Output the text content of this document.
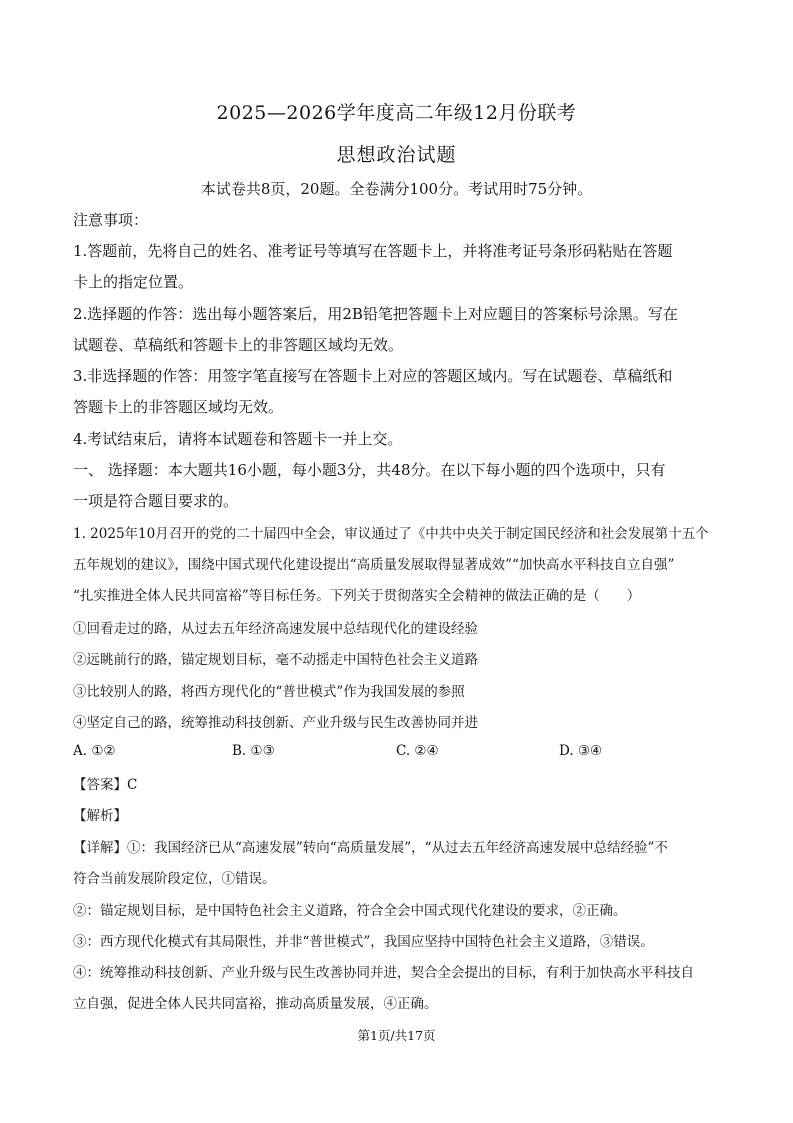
2025—2026学年度高二年级12月份联考
思想政治试题
本试卷共8页，20题。全卷满分100分。考试用时75分钟。
注意事项：
1.答题前，先将自己的姓名、准考证号等填写在答题卡上，并将准考证号条形码粘贴在答题
卡上的指定位置。
2.选择题的作答：选出每小题答案后，用2B铅笔把答题卡上对应题目的答案标号涂黑。写在
试题卷、草稿纸和答题卡上的非答题区域均无效。
3.非选择题的作答：用签字笔直接写在答题卡上对应的答题区域内。写在试题卷、草稿纸和
答题卡上的非答题区域均无效。
4.考试结束后，请将本试题卷和答题卡一并上交。
一、 选择题：本大题共16小题，每小题3分，共48分。在以下每小题的四个选项中，只有
一项是符合题目要求的。
1. 2025年10月召开的党的二十届四中全会，审议通过了《中共中央关于制定国民经济和社会发展第十五个
五年规划的建议》，围绕中国式现代化建设提出“高质量发展取得显著成效”“加快高水平科技自立自强”
“扎实推进全体人民共同富裕”等目标任务。下列关于贯彻落实全会精神的做法正确的是（　　）
①回看走过的路，从过去五年经济高速发展中总结现代化的建设经验
②远眺前行的路，锚定规划目标，毫不动摇走中国特色社会主义道路
③比较别人的路，将西方现代化的“普世模式”作为我国发展的参照
④坚定自己的路，统筹推动科技创新、产业升级与民生改善协同并进
A. ①②	B. ①③	C. ②④	D. ③④
【答案】C
【解析】
【详解】①：我国经济已从“高速发展”转向“高质量发展”，“从过去五年经济高速发展中总结经验”不
符合当前发展阶段定位，①错误。
②：锚定规划目标，是中国特色社会主义道路，符合全会中国式现代化建设的要求，②正确。
③：西方现代化模式有其局限性，并非“普世模式”，我国应坚持中国特色社会主义道路，③错误。
④：统筹推动科技创新、产业升级与民生改善协同并进，契合全会提出的目标，有利于加快高水平科技自
立自强，促进全体人民共同富裕，推动高质量发展，④正确。
第1页/共17页
